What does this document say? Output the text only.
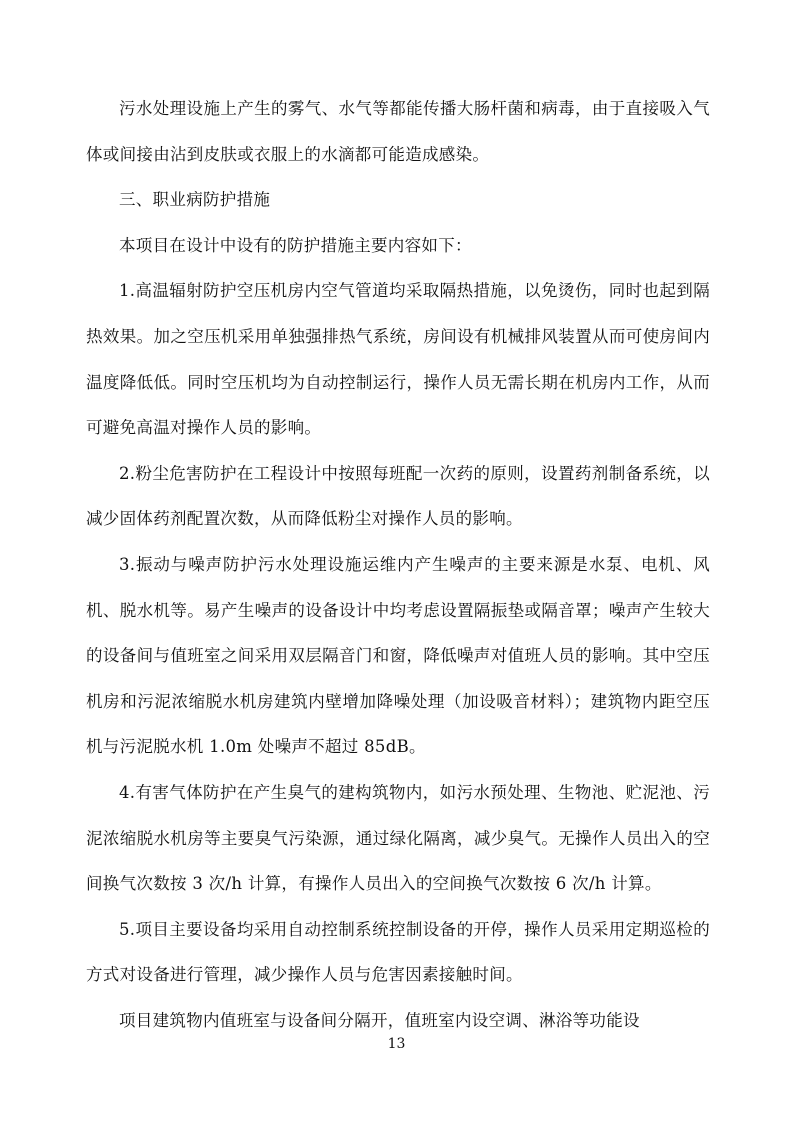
污水处理设施上产生的雾气、水气等都能传播大肠杆菌和病毒，由于直接吸入气体或间接由沾到皮肤或衣服上的水滴都可能造成感染。

三、职业病防护措施

本项目在设计中设有的防护措施主要内容如下：

1.高温辐射防护空压机房内空气管道均采取隔热措施，以免烫伤，同时也起到隔热效果。加之空压机采用单独强排热气系统，房间设有机械排风装置从而可使房间内温度降低低。同时空压机均为自动控制运行，操作人员无需长期在机房内工作，从而可避免高温对操作人员的影响。

2.粉尘危害防护在工程设计中按照每班配一次药的原则，设置药剂制备系统，以减少固体药剂配置次数，从而降低粉尘对操作人员的影响。

3.振动与噪声防护污水处理设施运维内产生噪声的主要来源是水泵、电机、风机、脱水机等。易产生噪声的设备设计中均考虑设置隔振垫或隔音罩；噪声产生较大的设备间与值班室之间采用双层隔音门和窗，降低噪声对值班人员的影响。其中空压机房和污泥浓缩脱水机房建筑内壁增加降噪处理（加设吸音材料）；建筑物内距空压机与污泥脱水机 1.0m 处噪声不超过 85dB。

4.有害气体防护在产生臭气的建构筑物内，如污水预处理、生物池、贮泥池、污泥浓缩脱水机房等主要臭气污染源，通过绿化隔离，减少臭气。无操作人员出入的空间换气次数按 3 次/h 计算，有操作人员出入的空间换气次数按 6 次/h 计算。

5.项目主要设备均采用自动控制系统控制设备的开停，操作人员采用定期巡检的方式对设备进行管理，减少操作人员与危害因素接触时间。

项目建筑物内值班室与设备间分隔开，值班室内设空调、淋浴等功能设

13
